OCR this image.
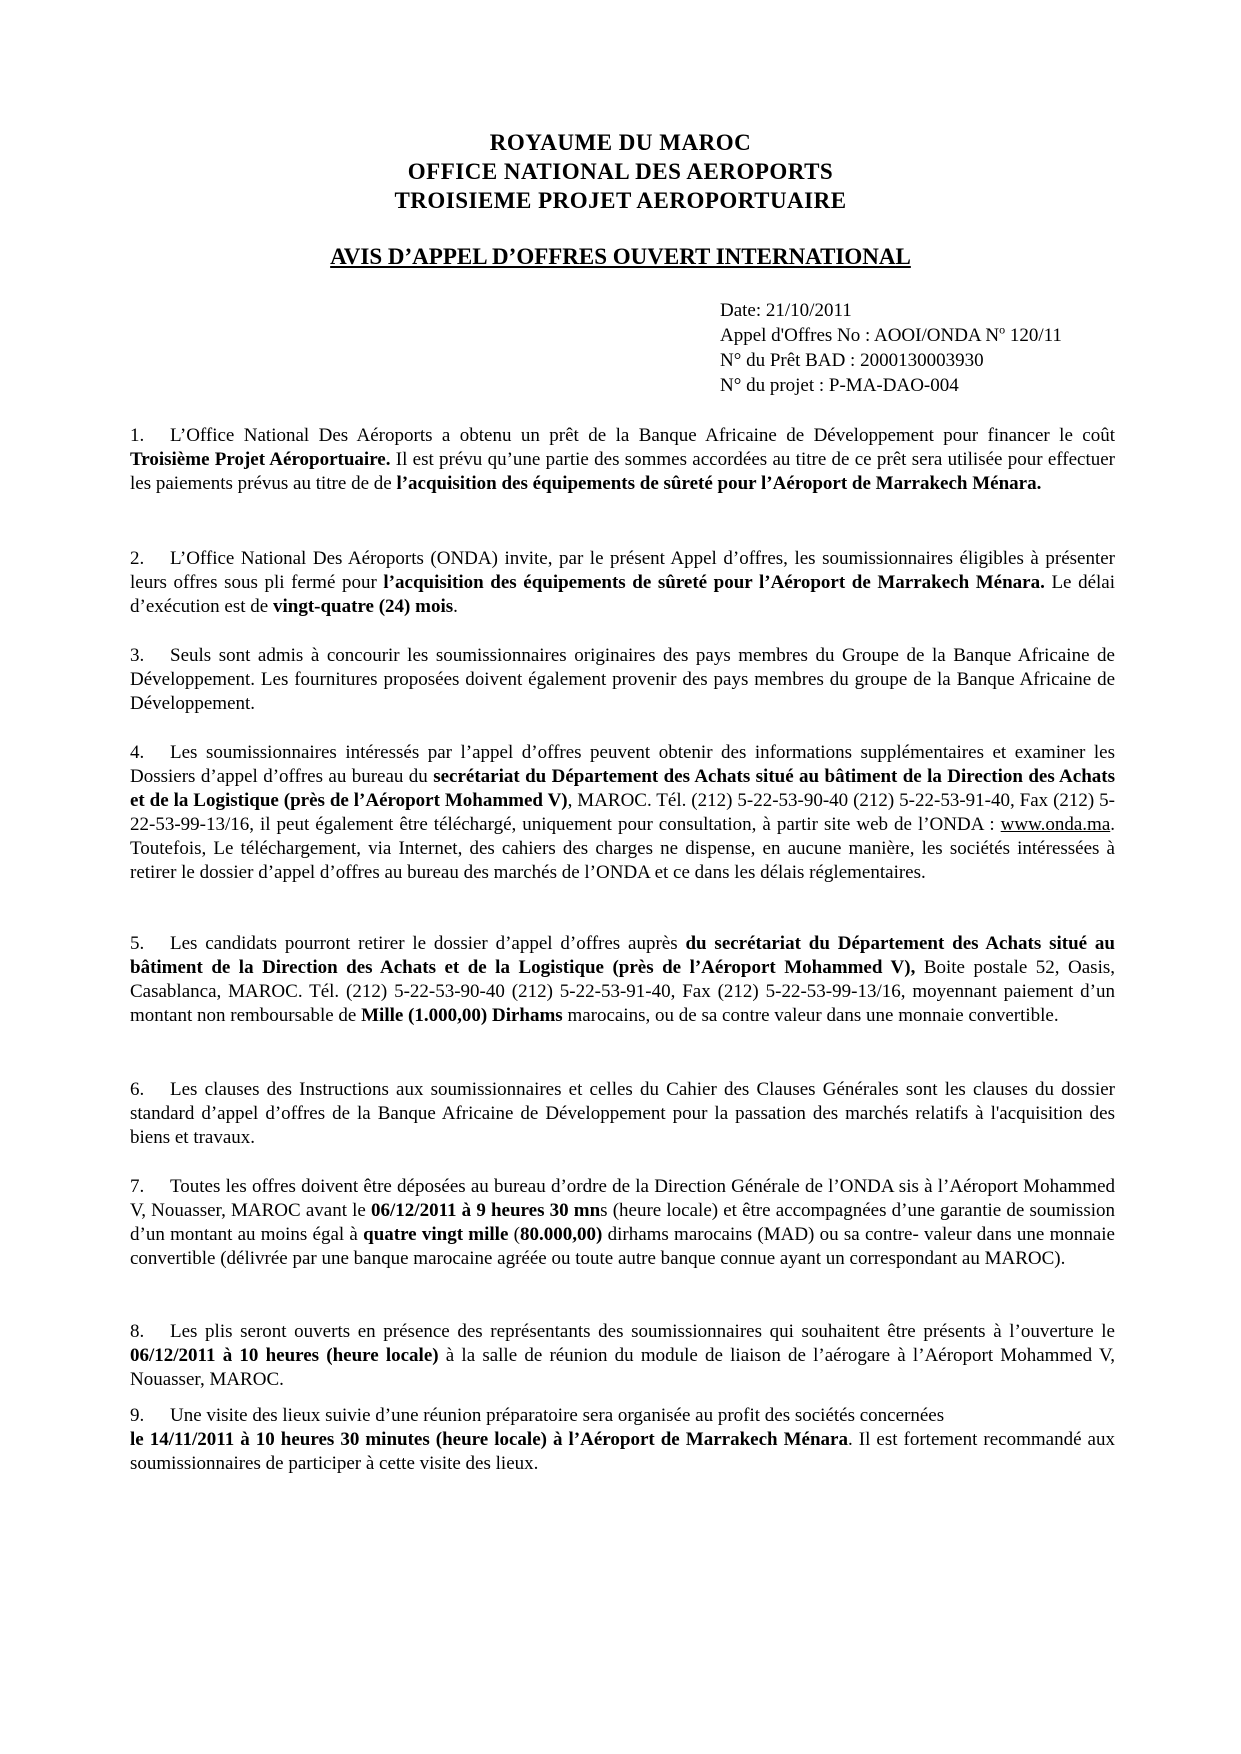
ROYAUME DU MAROC
OFFICE NATIONAL DES AEROPORTS
TROISIEME PROJET AEROPORTUAIRE
AVIS D’APPEL D’OFFRES OUVERT INTERNATIONAL
Date: 21/10/2011
Appel d'Offres No : AOOI/ONDA $N^o$ 120/11
N° du Prêt BAD : 2000130003930
N° du projet : P-MA-DAO-004
1. L’Office National Des Aéroports a obtenu un prêt de la Banque Africaine de Développement pour financer le coût Troisième Projet Aéroportuaire. Il est prévu qu’une partie des sommes accordées au titre de ce prêt sera utilisée pour effectuer les paiements prévus au titre de de l’acquisition des équipements de sûreté pour l’Aéroport de Marrakech Ménara.
2. L’Office National Des Aéroports (ONDA) invite, par le présent Appel d’offres, les soumissionnaires éligibles à présenter leurs offres sous pli fermé pour l’acquisition des équipements de sûreté pour l’Aéroport de Marrakech Ménara. Le délai d’exécution est de vingt-quatre (24) mois.
3. Seuls sont admis à concourir les soumissionnaires originaires des pays membres du Groupe de la Banque Africaine de Développement. Les fournitures proposées doivent également provenir des pays membres du groupe de la Banque Africaine de Développement.
4. Les soumissionnaires intéressés par l’appel d’offres peuvent obtenir des informations supplémentaires et examiner les Dossiers d’appel d’offres au bureau du secrétariat du Département des Achats situé au bâtiment de la Direction des Achats et de la Logistique (près de l’Aéroport Mohammed V), MAROC. Tél. (212) 5-22-53-90-40 (212) 5-22-53-91-40, Fax (212) 5-22-53-99-13/16, il peut également être téléchargé, uniquement pour consultation, à partir site web de l’ONDA : www.onda.ma. Toutefois, Le téléchargement, via Internet, des cahiers des charges ne dispense, en aucune manière, les sociétés intéressées à retirer le dossier d’appel d’offres au bureau des marchés de l’ONDA et ce dans les délais réglementaires.
5. Les candidats pourront retirer le dossier d’appel d’offres auprès du secrétariat du Département des Achats situé au bâtiment de la Direction des Achats et de la Logistique (près de l’Aéroport Mohammed V), Boite postale 52, Oasis, Casablanca, MAROC. Tél. (212) 5-22-53-90-40 (212) 5-22-53-91-40, Fax (212) 5-22-53-99-13/16, moyennant paiement d’un montant non remboursable de Mille (1.000,00) Dirhams marocains, ou de sa contre valeur dans une monnaie convertible.
6. Les clauses des Instructions aux soumissionnaires et celles du Cahier des Clauses Générales sont les clauses du dossier standard d’appel d’offres de la Banque Africaine de Développement pour la passation des marchés relatifs à l'acquisition des biens et travaux.
7. Toutes les offres doivent être déposées au bureau d’ordre de la Direction Générale de l’ONDA sis à l’Aéroport Mohammed V, Nouasser, MAROC avant le 06/12/2011 à 9 heures 30 mns (heure locale) et être accompagnées d’une garantie de soumission d’un montant au moins égal à quatre vingt mille (80.000,00) dirhams marocains (MAD) ou sa contre- valeur dans une monnaie convertible (délivrée par une banque marocaine agréée ou toute autre banque connue ayant un correspondant au MAROC).
8. Les plis seront ouverts en présence des représentants des soumissionnaires qui souhaitent être présents à l’ouverture le 06/12/2011 à 10 heures (heure locale) à la salle de réunion du module de liaison de l’aérogare à l’Aéroport Mohammed V, Nouasser, MAROC.
9. Une visite des lieux suivie d’une réunion préparatoire sera organisée au profit des sociétés concernées
le 14/11/2011 à 10 heures 30 minutes (heure locale) à l’Aéroport de Marrakech Ménara. Il est fortement recommandé aux soumissionnaires de participer à cette visite des lieux.
